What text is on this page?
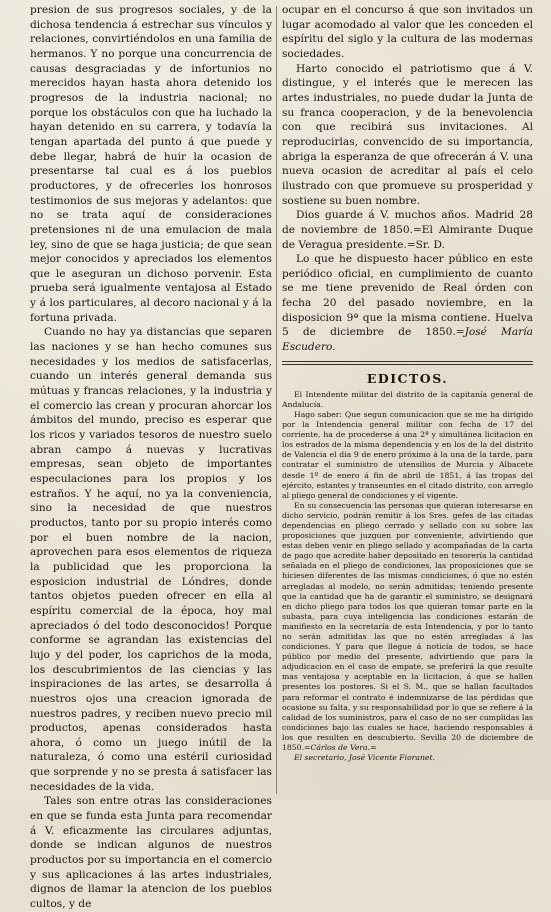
presion de sus progresos sociales, y de la dichosa tendencia á estrechar sus vínculos y relaciones, convirtiéndolos en una familia de hermanos. Y no porque una concurrencia de causas desgraciadas y de infortunios no merecidos hayan hasta ahora detenido los progresos de la industria nacional; no porque los obstáculos con que ha luchado la hayan detenido en su carrera, y todavía la tengan apartada del punto á que puede y debe llegar, habrá de huir la ocasion de presentarse tal cual es á los pueblos productores, y de ofrecerles los honrosos testimonios de sus mejoras y adelantos: que no se trata aquí de consideraciones pretensiones ni de una emulacion de mala ley, sino de que se haga justicia; de que sean mejor conocidos y apreciados los elementos que le aseguran un dichoso porvenir. Esta prueba será igualmente ventajosa al Estado y á los particulares, al decoro nacional y á la fortuna privada.

Cuando no hay ya distancias que separen las naciones y se han hecho comunes sus necesidades y los medios de satisfacerlas, cuando un interés general demanda sus mútuas y francas relaciones, y la industria y el comercio las crean y procuran ahorcar los ámbitos del mundo, preciso es esperar que los ricos y variados tesoros de nuestro suelo abran campo á nuevas y lucrativas empresas, sean objeto de importantes especulaciones para los propios y los estraños. Y he aquí, no ya la conveniencia, sino la necesidad de que nuestros productos, tanto por su propio interés como por el buen nombre de la nacion, aprovechen para esos elementos de riqueza la publicidad que les proporciona la esposicion industrial de Lóndres, donde tantos objetos pueden ofrecer en ella al espíritu comercial de la época, hoy mal apreciados ó del todo desconocidos! Porque conforme se agrandan las existencias del lujo y del poder, los caprichos de la moda, los descubrimientos de las ciencias y las inspiraciones de las artes, se desarrolla á nuestros ojos una creacion ignorada de nuestros padres, y reciben nuevo precio mil productos, apenas considerados hasta ahora, ó como un juego inútil de la naturaleza, ó como una estéril curiosidad que sorprende y no se presta á satisfacer las necesidades de la vida.

Tales son entre otras las consideraciones en que se funda esta Junta para recomendar á V. eficazmente las circulares adjuntas, donde se indican algunos de nuestros productos por su importancia en el comercio y sus aplicaciones á las artes industriales, dignos de llamar la atencion de los pueblos cultos, y de

ocupar en el concurso á que son invitados un lugar acomodado al valor que les conceden el espíritu del siglo y la cultura de las modernas sociedades.

Harto conocido el patriotismo que á V. distingue, y el interés que le merecen las artes industriales, no puede dudar la Junta de su franca cooperacion, y de la benevolencia con que recibirá sus invitaciones. Al reproducirlas, convencido de su importancia, abriga la esperanza de que ofrecerán á V. una nueva ocasion de acreditar al país el celo ilustrado con que promueve su prosperidad y sostiene su buen nombre.

Dios guarde á V. muchos años. Madrid 28 de noviembre de 1850.=El Almirante Duque de Veragua presidente.=Sr. D.

Lo que he dispuesto hacer público en este periódico oficial, en cumplimiento de cuanto se me tiene prevenido de Real órden con fecha 20 del pasado noviembre, en la disposicion 9ª que la misma contiene. Huelva 5 de diciembre de 1850.=José María Escudero.

EDICTOS.

El Intendente militar del distrito de la capitanía general de Andalucía.

Hago saber: Que segun comunicacion que se me ha dirigido por la Intendencia general militar con fecha de 17 del corriente, ha de procederse á una 2ª y simultánea licitacion en los estrados de la misma dependencia y en los de la del distrito de Valencia el dia 9 de enero próximo á la una de la tarde, para contratar el suministro de utensilios de Murcia y Albacete desde 1º de enero á fin de abril de 1851, á las tropas del ejército, estantes y transeuntes en el citado distrito, con arreglo al pliego general de condiciones y el vigente.

En su consecuencia las personas que quieran interesarse en dicho servicio, podrán remitir á los Sres. gefes de las citadas dependencias en pliego cerrado y sellado con su sobre las proposiciones que juzguen por conveniente, advirtiendo que estas deben venir en pliego sellado y acompañadas de la carta de pago que acredite haber depositado en tesorería la cantidad señalada en el pliego de condiciones, las proposiciones que se hiciesen diferentes de las mismas condiciones, ó que no estén arregladas al modelo, no serán admitidas; teniendo presente que la cantidad que ha de garantir el suministro, se designará en dicho pliego para todos los que quieran tomar parte en la subasta, para cuya inteligencia las condiciones estarán de manifiesto en la secretaría de esta Intendencia, y por lo tanto no serán admitidas las que no estén arregladas á las condiciones. Y para que llegue á noticia de todos, se hace público por medio del presente, advirtiendo que para la adjudicacion en el caso de empate, se preferirá la que resulte mas ventajosa y aceptable en la licitacion, á que se hallen presentes los postores. Si el S. M., que se hallan facultados para reformar el contrato é indemnizarse de las pérdidas que ocasione su falta, y su responsabilidad por lo que se refiere á la calidad de los suministros, para el caso de no ser cumplidas las condiciones bajo las cuales se hace, haciendo responsables á los que resulten en descubierto. Sevilla 20 de diciembre de 1850.=Cárlos de Vera.=

El secretario, José Vicente Fioranet.
